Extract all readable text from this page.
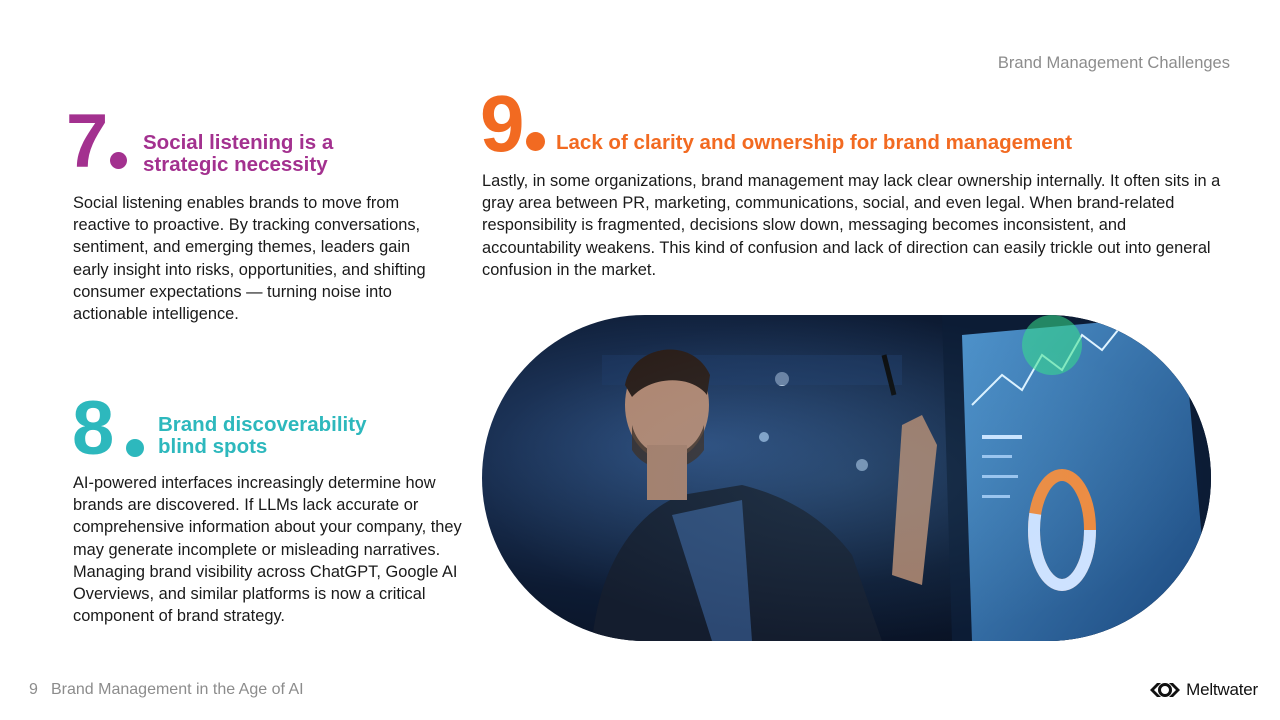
Brand Management Challenges
7 Social listening is a
strategic necessity
Social listening enables brands to move from reactive to proactive. By tracking conversations, sentiment, and emerging themes, leaders gain early insight into risks, opportunities, and shifting consumer expectations — turning noise into actionable intelligence.
8 Brand discoverability
blind spots
AI-powered interfaces increasingly determine how brands are discovered. If LLMs lack accurate or comprehensive information about your company, they may generate incomplete or misleading narratives. Managing brand visibility across ChatGPT, Google AI Overviews, and similar platforms is now a critical component of brand strategy.
9 Lack of clarity and ownership for brand management
Lastly, in some organizations, brand management may lack clear ownership internally. It often sits in a gray area between PR, marketing, communications, social, and even legal. When brand-related responsibility is fragmented, decisions slow down, messaging becomes inconsistent, and accountability weakens. This kind of confusion and lack of direction can easily trickle out into general confusion in the market.
9 Brand Management in the Age of AI	Meltwater
